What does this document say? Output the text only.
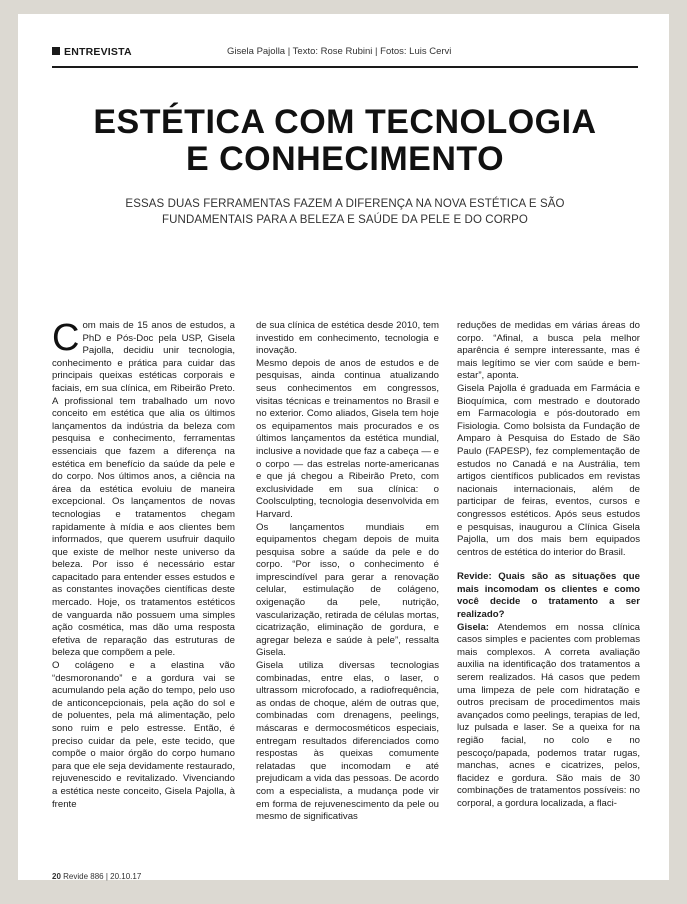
ENTREVISTA	Gisela Pajolla | Texto: Rose Rubini | Fotos: Luis Cervi
ESTÉTICA COM TECNOLOGIA
E CONHECIMENTO
ESSAS DUAS FERRAMENTAS FAZEM A DIFERENÇA NA NOVA ESTÉTICA E SÃO
FUNDAMENTAIS PARA A BELEZA E SAÚDE DA PELE E DO CORPO

Com mais de 15 anos de estudos, a PhD e Pós-Doc pela USP, Gisela Pajolla, decidiu unir tecnologia, conhecimento e prática para cuidar das principais queixas estéticas corporais e faciais, em sua clínica, em Ribeirão Preto. A profissional tem trabalhado um novo conceito em estética que alia os últimos lançamentos da indústria da beleza com pesquisa e conhecimento, ferramentas essenciais que fazem a diferença na estética em benefício da saúde da pele e do corpo. Nos últimos anos, a ciência na área da estética evoluiu de maneira excepcional. Os lançamentos de novas tecnologias e tratamentos chegam rapidamente à mídia e aos clientes bem informados, que querem usufruir daquilo que existe de melhor neste universo da beleza. Por isso é necessário estar capacitado para entender esses estudos e as constantes inovações científicas deste mercado. Hoje, os tratamentos estéticos de vanguarda não possuem uma simples ação cosmética, mas dão uma resposta efetiva de reparação das estruturas de beleza que compõem a pele.

O colágeno e a elastina vão “desmoronando” e a gordura vai se acumulando pela ação do tempo, pelo uso de anticoncepcionais, pela ação do sol e de poluentes, pela má alimentação, pelo sono ruim e pelo estresse. Então, é preciso cuidar da pele, este tecido, que compõe o maior órgão do corpo humano para que ele seja devidamente restaurado, rejuvenescido e revitalizado. Vivenciando a estética neste conceito, Gisela Pajolla, à frente

de sua clínica de estética desde 2010, tem investido em conhecimento, tecnologia e inovação.

Mesmo depois de anos de estudos e de pesquisas, ainda continua atualizando seus conhecimentos em congressos, visitas técnicas e treinamentos no Brasil e no exterior. Como aliados, Gisela tem hoje os equipamentos mais procurados e os últimos lançamentos da estética mundial, inclusive a novidade que faz a cabeça — e o corpo — das estrelas norte-americanas e que já chegou a Ribeirão Preto, com exclusividade em sua clínica: o Coolsculpting, tecnologia desenvolvida em Harvard.

Os lançamentos mundiais em equipamentos chegam depois de muita pesquisa sobre a saúde da pele e do corpo. “Por isso, o conhecimento é imprescindível para gerar a renovação celular, estimulação de colágeno, oxigenação da pele, nutrição, vascularização, retirada de células mortas, cicatrização, eliminação de gordura, e agregar beleza e saúde à pele”, ressalta Gisela.

Gisela utiliza diversas tecnologias combinadas, entre elas, o laser, o ultrassom microfocado, a radiofrequência, as ondas de choque, além de outras que, combinadas com drenagens, peelings, máscaras e dermocosméticos especiais, entregam resultados diferenciados como respostas às queixas comumente relatadas que incomodam e até prejudicam a vida das pessoas. De acordo com a especialista, a mudança pode vir em forma de rejuvenescimento da pele ou mesmo de significativas

reduções de medidas em várias áreas do corpo. “Afinal, a busca pela melhor aparência é sempre interessante, mas é mais legítimo se vier com saúde e bem-estar”, aponta.

Gisela Pajolla é graduada em Farmácia e Bioquímica, com mestrado e doutorado em Farmacologia e pós-doutorado em Fisiologia. Como bolsista da Fundação de Amparo à Pesquisa do Estado de São Paulo (FAPESP), fez complementação de estudos no Canadá e na Austrália, tem artigos científicos publicados em revistas nacionais internacionais, além de participar de feiras, eventos, cursos e congressos estéticos. Após seus estudos e pesquisas, inaugurou a Clínica Gisela Pajolla, um dos mais bem equipados centros de estética do interior do Brasil.

Revide: Quais são as situações que mais incomodam os clientes e como você decide o tratamento a ser realizado?

Gisela: Atendemos em nossa clínica casos simples e pacientes com problemas mais complexos. A correta avaliação auxilia na identificação dos tratamentos a serem realizados. Há casos que pedem uma limpeza de pele com hidratação e outros precisam de procedimentos mais avançados como peelings, terapias de led, luz pulsada e laser. Se a queixa for na região facial, no colo e no pescoço/papada, podemos tratar rugas, manchas, acnes e cicatrizes, pelos, flacidez e gordura. São mais de 30 combinações de tratamentos possíveis: no corporal, a gordura localizada, a flaci-

20 Revide 886 | 20.10.17
